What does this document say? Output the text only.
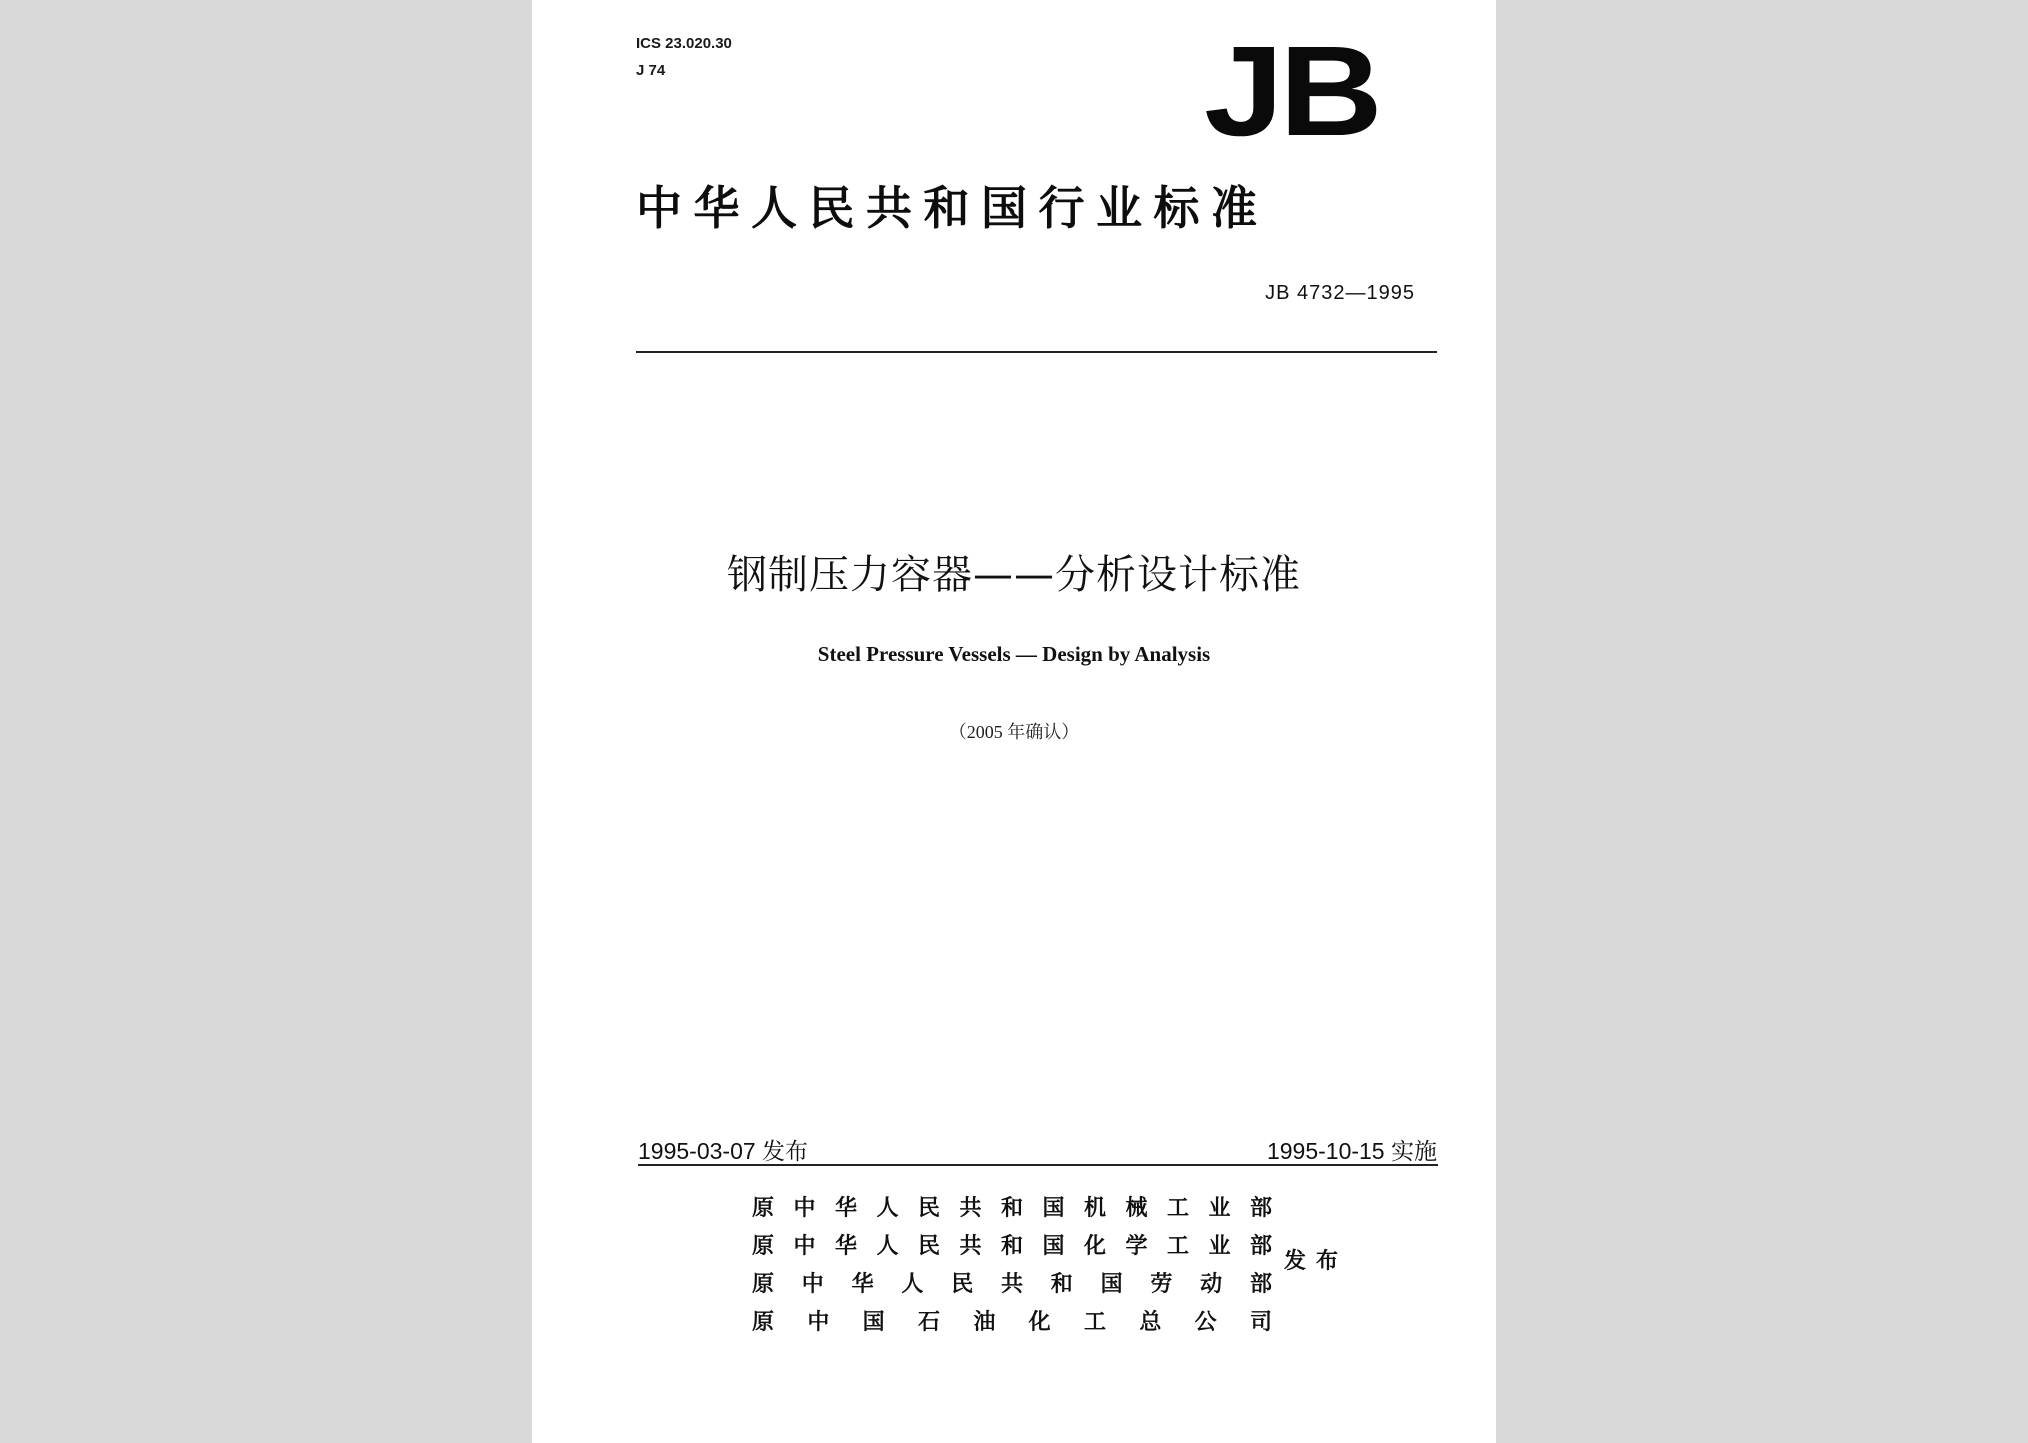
ICS 23.020.30
J 74	JB
中华人民共和国行业标准
JB 4732—1995
钢制压力容器——分析设计标准
Steel Pressure Vessels — Design by Analysis
（2005 年确认）
1995-03-07 发布	1995-10-15 实施
原中华人民共和国机械工业部
原中华人民共和国化学工业部
原中华人民共和国劳动部
原中国石油化工总公司
发布
